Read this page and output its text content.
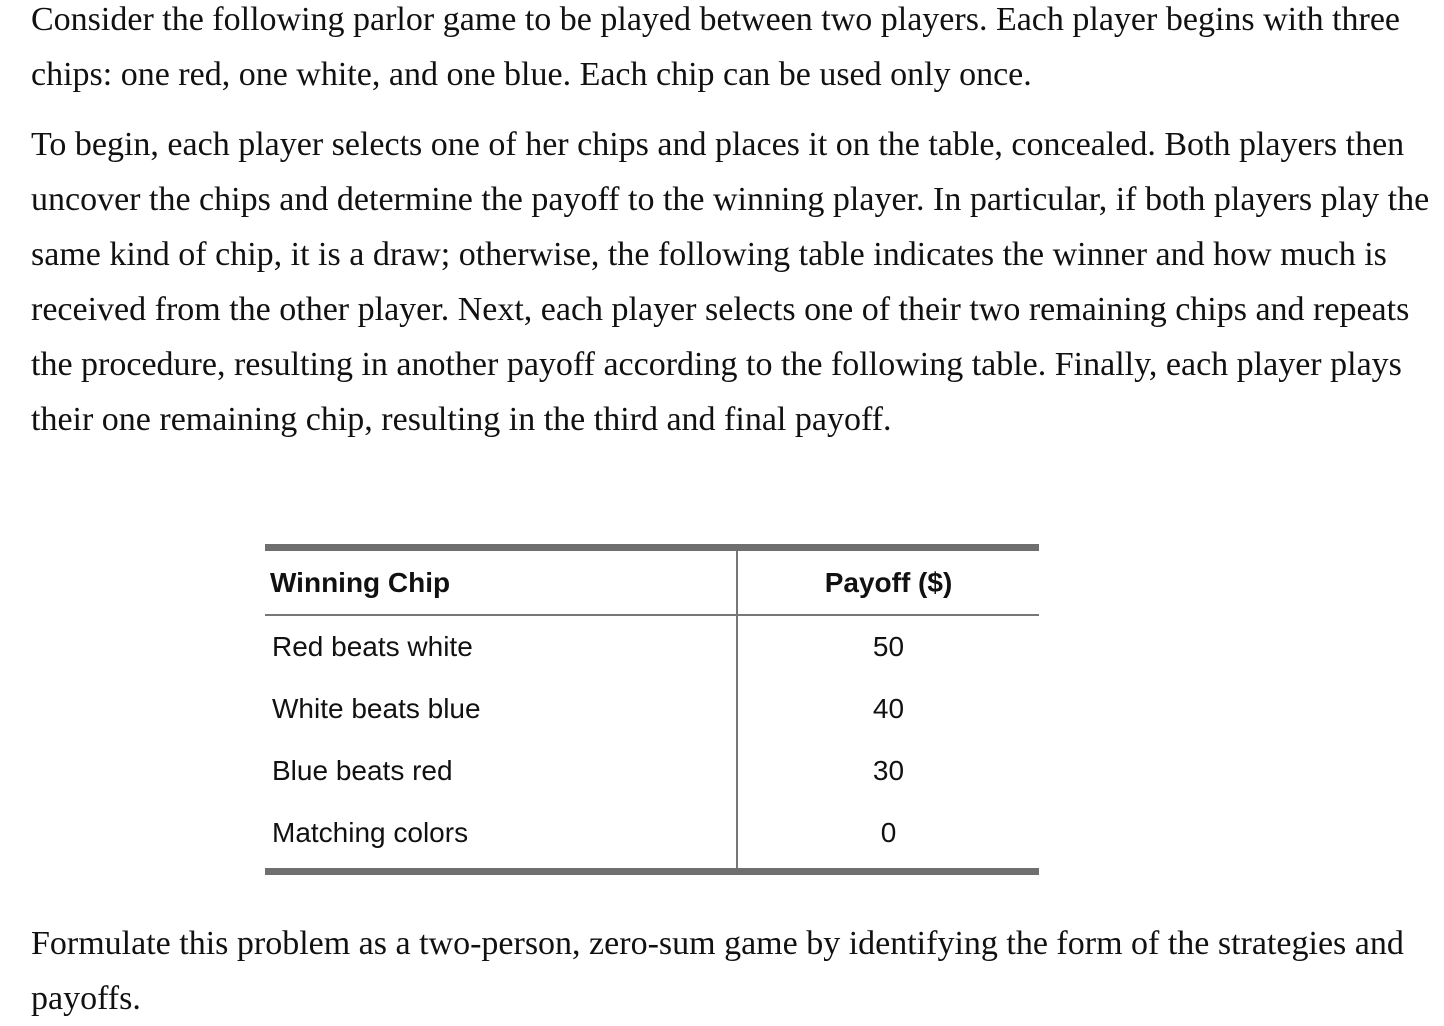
Consider the following parlor game to be played between two players. Each player begins with three chips: one red, one white, and one blue. Each chip can be used only once.

To begin, each player selects one of her chips and places it on the table, concealed. Both players then uncover the chips and determine the payoff to the winning player. In particular, if both players play the same kind of chip, it is a draw; otherwise, the following table indicates the winner and how much is received from the other player. Next, each player selects one of their two remaining chips and repeats the procedure, resulting in another payoff according to the following table. Finally, each player plays their one remaining chip, resulting in the third and final payoff.

Winning Chip	Payoff ($)
Red beats white	50
White beats blue	40
Blue beats red	30
Matching colors	0

Formulate this problem as a two-person, zero-sum game by identifying the form of the strategies and payoffs.
